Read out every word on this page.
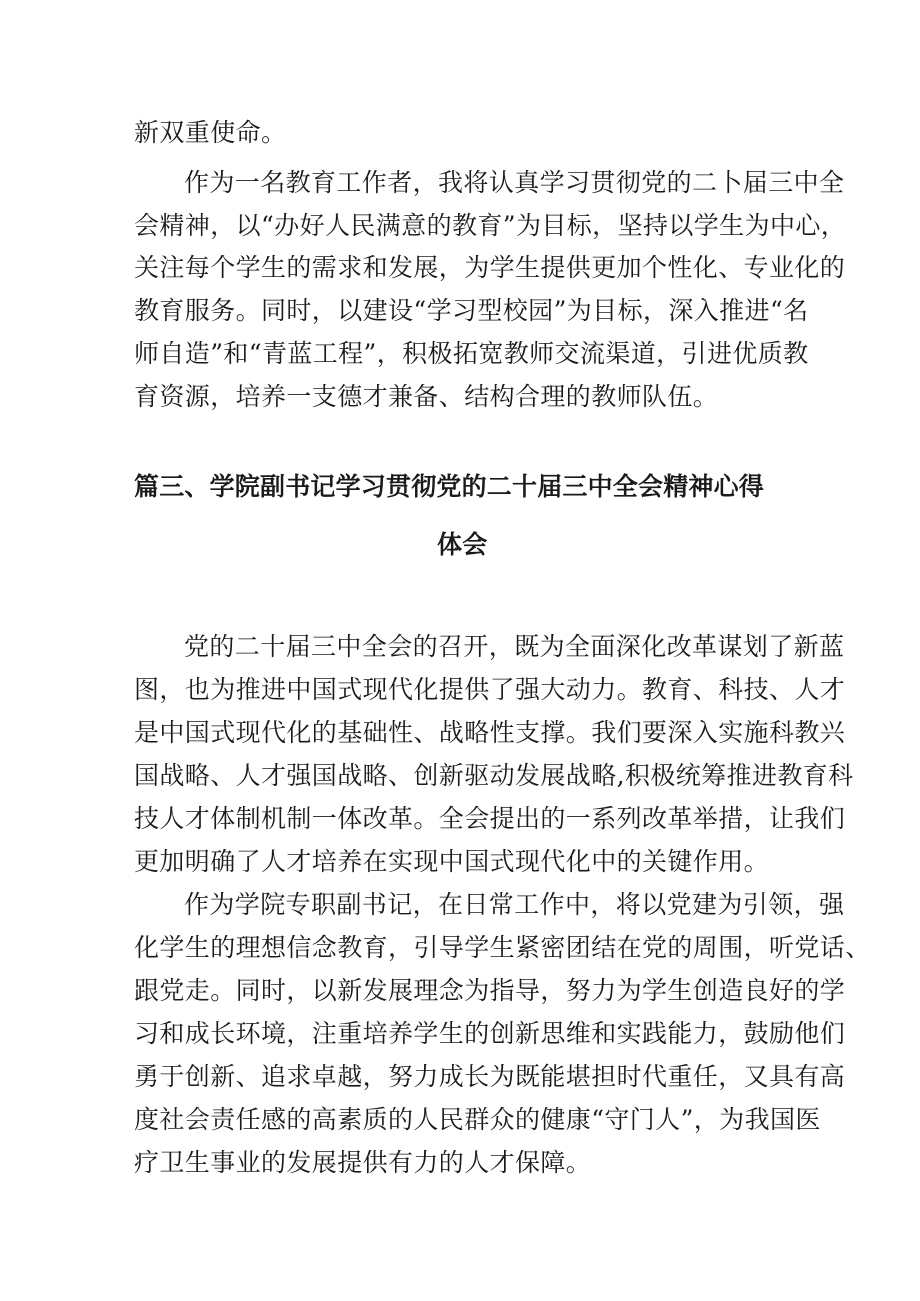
新双重使命。
作为一名教育工作者，我将认真学习贯彻党的二卜届三中全
会精神，以“办好人民满意的教育”为目标，坚持以学生为中心，
关注每个学生的需求和发展，为学生提供更加个性化、专业化的
教育服务。同时，以建设“学习型校园”为目标，深入推进“名
师自造”和“青蓝工程”，积极拓宽教师交流渠道，引进优质教
育资源，培养一支德才兼备、结构合理的教师队伍。
篇三、学院副书记学习贯彻党的二十届三中全会精神心得
体会
党的二十届三中全会的召开，既为全面深化改革谋划了新蓝
图，也为推进中国式现代化提供了强大动力。教育、科技、人才
是中国式现代化的基础性、战略性支撑。我们要深入实施科教兴
国战略、人才强国战略、创新驱动发展战略,积极统筹推进教育科
技人才体制机制一体改革。全会提出的一系列改革举措，让我们
更加明确了人才培养在实现中国式现代化中的关键作用。
作为学院专职副书记，在日常工作中，将以党建为引领，强
化学生的理想信念教育，引导学生紧密团结在党的周围，听党话、
跟党走。同时，以新发展理念为指导，努力为学生创造良好的学
习和成长环境，注重培养学生的创新思维和实践能力，鼓励他们
勇于创新、追求卓越，努力成长为既能堪担时代重任，又具有高
度社会责任感的高素质的人民群众的健康“守门人”，为我国医
疗卫生事业的发展提供有力的人才保障。
